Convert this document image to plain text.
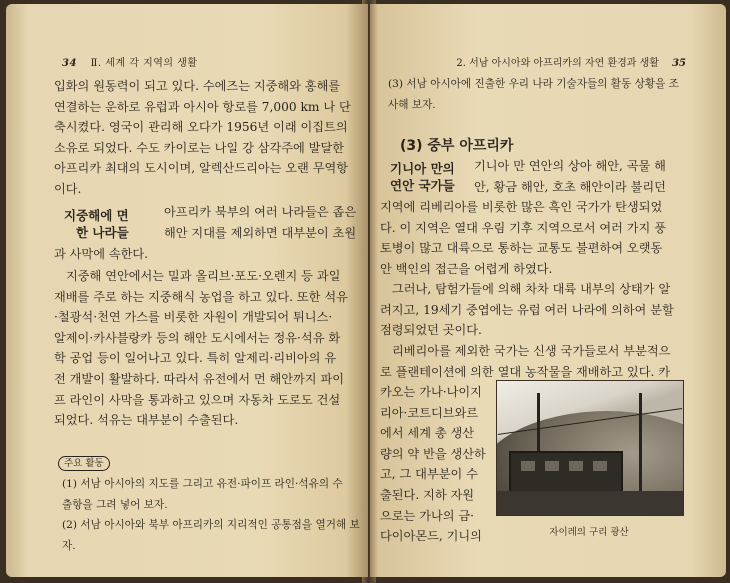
34 Ⅱ. 세계 각 지역의 생활
입화의 원동력이 되고 있다. 수에즈는 지중해와 홍해를
연결하는 운하로 유럽과 아시아 항로를 7,000 km 나 단
축시켰다. 영국이 관리해 오다가 1956년 이래 이집트의
소유로 되었다. 수도 카이로는 나일 강 삼각주에 발달한
아프리카 최대의 도시이며, 알렉산드리아는 오랜 무역항
이다.
지중해에 면
한 나라들
아프리카 북부의 여러 나라들은 좁은
해안 지대를 제외하면 대부분이 초원
과 사막에 속한다.
지중해 연안에서는 밀과 올리브·포도·오렌지 등 과일
재배를 주로 하는 지중해식 농업을 하고 있다. 또한 석유
·철광석·천연 가스를 비롯한 자원이 개발되어 튀니스·
알제이·카사블랑카 등의 해안 도시에서는 정유·석유 화
학 공업 등이 일어나고 있다. 특히 알제리·리비아의 유
전 개발이 활발하다. 따라서 유전에서 먼 해안까지 파이
프 라인이 사막을 통과하고 있으며 자동차 도로도 건설
되었다. 석유는 대부분이 수출된다.
주요 활동
(1) 서남 아시아의 지도를 그리고 유전·파이프 라인·석유의 수
출항을 그려 넣어 보자.
(2) 서남 아시아와 북부 아프리카의 지리적인 공통점을 열거해 보
자.
2. 서남 아시아와 아프리카의 자연 환경과 생활 35
(3) 서남 아시아에 진출한 우리 나라 기술자들의 활동 상황을 조
사해 보자.
(3) 중부 아프리카
기니아 만의
연안 국가들
기니아 만 연안의 상아 해안, 곡물 해
안, 황금 해안, 호초 해안이라 불리던
지역에 리베리아를 비롯한 많은 흑인 국가가 탄생되었
다. 이 지역은 열대 우림 기후 지역으로서 여러 가지 풍
토병이 많고 대륙으로 통하는 교통도 불편하여 오랫동
안 백인의 접근을 어렵게 하였다.
그러나, 탐험가들에 의해 차차 대륙 내부의 상태가 알
려지고, 19세기 중엽에는 유럽 여러 나라에 의하여 분할
점령되었던 곳이다.
리베리아를 제외한 국가는 신생 국가들로서 부분적으
로 플랜테이션에 의한 열대 농작물을 재배하고 있다. 카
카오는 가나·나이지
리아·코트디브와르
에서 세계 총 생산
량의 약 반을 생산하
고, 그 대부분이 수
출된다. 지하 자원
으로는 가나의 금·
다이아몬드, 기니의	자이레의 구리 광산
